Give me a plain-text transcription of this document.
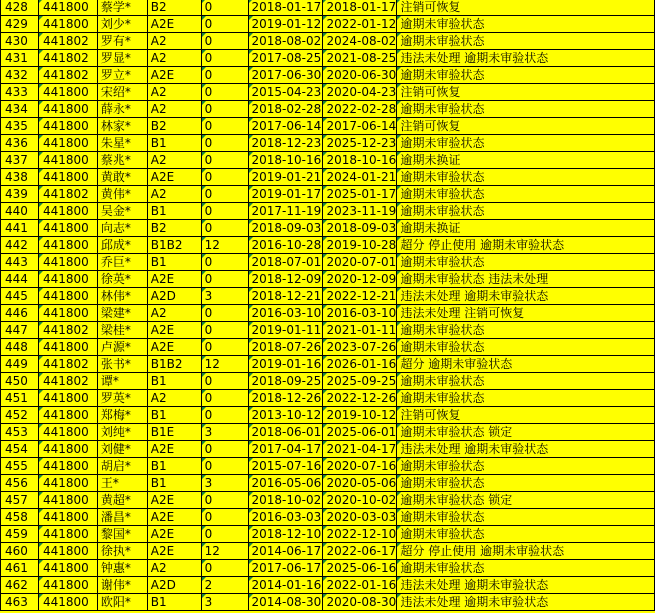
428	441800	蔡学*	B2	0	2018-01-17	2018-01-17	注销可恢复
429	441800	刘少*	A2E	0	2019-01-12	2022-01-12	逾期未审验状态
430	441802	罗有*	A2	0	2018-08-02	2024-08-02	逾期未审验状态
431	441802	罗显*	A2	0	2017-08-25	2021-08-25	违法未处理 逾期未审验状态
432	441802	罗立*	A2E	0	2017-06-30	2020-06-30	逾期未审验状态
433	441800	宋绍*	A2	0	2015-04-23	2020-04-23	注销可恢复
434	441800	薛永*	A2	0	2018-02-28	2022-02-28	逾期未审验状态
435	441800	林家*	B2	0	2017-06-14	2017-06-14	注销可恢复
436	441800	朱星*	B1	0	2018-12-23	2025-12-23	逾期未审验状态
437	441800	蔡兆*	A2	0	2018-10-16	2018-10-16	逾期未换证
438	441800	黄敢*	A2E	0	2019-01-21	2024-01-21	逾期未审验状态
439	441802	黄伟*	A2	0	2019-01-17	2025-01-17	逾期未审验状态
440	441800	吴金*	B1	0	2017-11-19	2023-11-19	逾期未审验状态
441	441800	向志*	B2	0	2018-09-03	2018-09-03	逾期未换证
442	441800	邱成*	B1B2	12	2016-10-28	2019-10-28	超分 停止使用 逾期未审验状态
443	441800	乔巨*	B1	0	2018-07-01	2020-07-01	逾期未审验状态
444	441800	徐英*	A2E	0	2018-12-09	2020-12-09	逾期未审验状态 违法未处理
445	441800	林伟*	A2D	3	2018-12-21	2022-12-21	违法未处理 逾期未审验状态
446	441800	梁建*	A2	0	2016-03-10	2016-03-10	违法未处理 注销可恢复
447	441802	梁桂*	A2E	0	2019-01-11	2021-01-11	逾期未审验状态
448	441800	卢源*	A2E	0	2018-07-26	2023-07-26	逾期未审验状态
449	441802	张书*	B1B2	12	2019-01-16	2026-01-16	超分 逾期未审验状态
450	441802	谭*	B1	0	2018-09-25	2025-09-25	逾期未审验状态
451	441800	罗英*	A2	0	2018-12-26	2022-12-26	逾期未审验状态
452	441800	郑梅*	B1	0	2013-10-12	2019-10-12	注销可恢复
453	441800	刘纯*	B1E	3	2018-06-01	2025-06-01	逾期未审验状态 锁定
454	441800	刘健*	A2E	0	2017-04-17	2021-04-17	违法未处理 逾期未审验状态
455	441800	胡启*	B1	0	2015-07-16	2020-07-16	逾期未审验状态
456	441800	王*	B1	3	2016-05-06	2020-05-06	逾期未审验状态
457	441800	黄超*	A2E	0	2018-10-02	2020-10-02	逾期未审验状态 锁定
458	441800	潘昌*	A2E	0	2016-03-03	2020-03-03	逾期未审验状态
459	441800	黎国*	A2E	0	2018-12-10	2022-12-10	逾期未审验状态
460	441800	徐执*	A2E	12	2014-06-17	2022-06-17	超分 停止使用 逾期未审验状态
461	441800	钟惠*	A2	0	2017-06-17	2025-06-16	逾期未审验状态
462	441800	谢伟*	A2D	2	2014-01-16	2022-01-16	违法未处理 逾期未审验状态
463	441800	欧阳*	B1	3	2014-08-30	2020-08-30	违法未处理 逾期未审验状态
